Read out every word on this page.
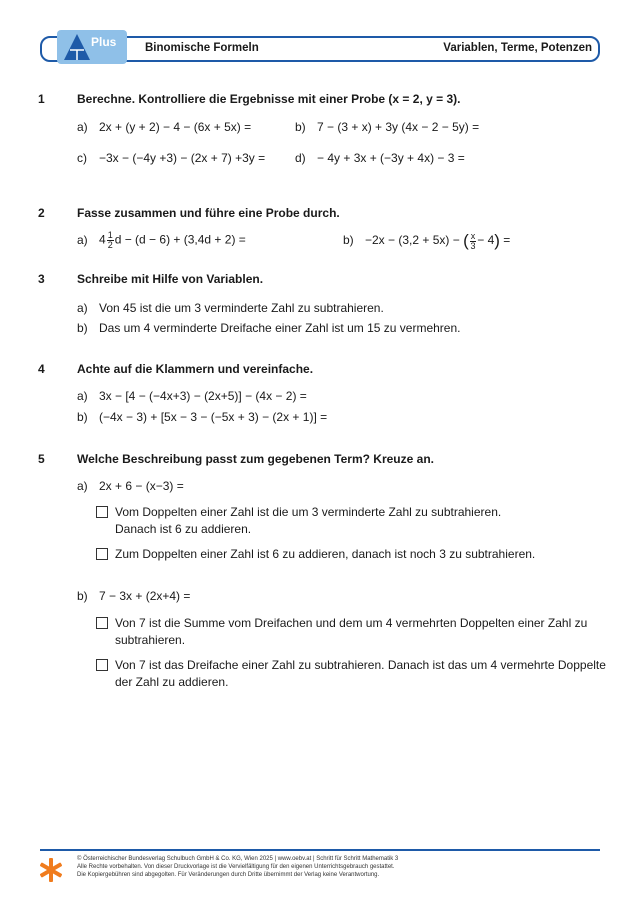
Plus Binomische Formeln	Variablen, Terme, Potenzen
1	Berechne. Kontrolliere die Ergebnisse mit einer Probe (x = 2, y = 3).
a) 2x + (y + 2) − 4 − (6x + 5x) =	b) 7 − (3 + x) + 3y (4x − 2 − 5y) =
c) −3x − (−4y +3) − (2x + 7) +3y = d) − 4y + 3x + (−3y + 4x) − 3 =
2	Fasse zusammen und führe eine Probe durch.
a) $4 \frac{1}{2}$ d − (d − 6) + (3,4d + 2) =	b) −2x − (3,2 + 5x) − ( $\frac{x}{3} - 4$) =
3	Schreibe mit Hilfe von Variablen.
a) Von 45 ist die um 3 verminderte Zahl zu subtrahieren.
b) Das um 4 verminderte Dreifache einer Zahl ist um 15 zu vermehren.
4	Achte auf die Klammern und vereinfache.
a) 3x − [4 − (−4x+3) − (2x+5)] − (4x − 2) =
b) (−4x − 3) + [5x − 3 − (−5x + 3) − (2x + 1)] =
5	Welche Beschreibung passt zum gegebenen Term? Kreuze an.
a) 2x + 6 − (x−3) =
Vom Doppelten einer Zahl ist die um 3 verminderte Zahl zu subtrahieren.
Danach ist 6 zu addieren.
Zum Doppelten einer Zahl ist 6 zu addieren, danach ist noch 3 zu subtrahieren.
b) 7 − 3x + (2x+4) =
Von 7 ist die Summe vom Dreifachen und dem um 4 vermehrten Doppelten einer Zahl zu
subtrahieren.
Von 7 ist das Dreifache einer Zahl zu subtrahieren. Danach ist das um 4 vermehrte Doppelte
der Zahl zu addieren.
© Österreichischer Bundesverlag Schulbuch GmbH & Co. KG, Wien 2025 | www.oebv.at | Schritt für Schritt Mathematik 3
Alle Rechte vorbehalten. Von dieser Druckvorlage ist die Vervielfältigung für den eigenen Unterrichtsgebrauch gestattet.
Die Kopiergebühren sind abgegolten. Für Veränderungen durch Dritte übernimmt der Verlag keine Verantwortung.
